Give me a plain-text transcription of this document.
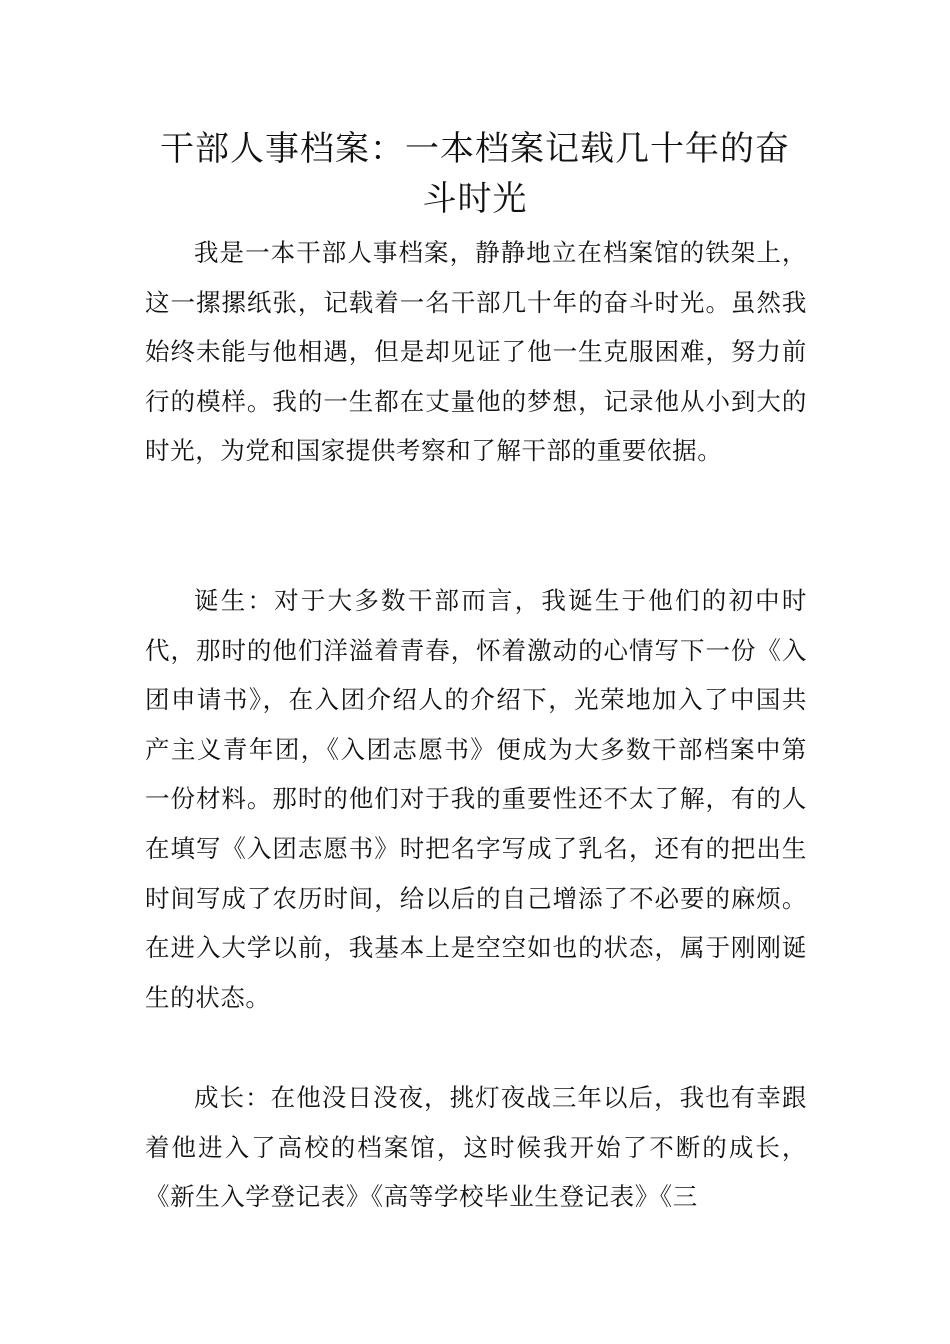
干部人事档案：一本档案记载几十年的奋斗时光

我是一本干部人事档案，静静地立在档案馆的铁架上，这一摞摞纸张，记载着一名干部几十年的奋斗时光。虽然我始终未能与他相遇，但是却见证了他一生克服困难，努力前行的模样。我的一生都在丈量他的梦想，记录他从小到大的时光，为党和国家提供考察和了解干部的重要依据。

诞生：对于大多数干部而言，我诞生于他们的初中时代，那时的他们洋溢着青春，怀着激动的心情写下一份《入团申请书》，在入团介绍人的介绍下，光荣地加入了中国共产主义青年团，《入团志愿书》便成为大多数干部档案中第一份材料。那时的他们对于我的重要性还不太了解，有的人在填写《入团志愿书》时把名字写成了乳名，还有的把出生时间写成了农历时间，给以后的自己增添了不必要的麻烦。在进入大学以前，我基本上是空空如也的状态，属于刚刚诞生的状态。

成长：在他没日没夜，挑灯夜战三年以后，我也有幸跟着他进入了高校的档案馆，这时候我开始了不断的成长，《新生入学登记表》《高等学校毕业生登记表》《三
